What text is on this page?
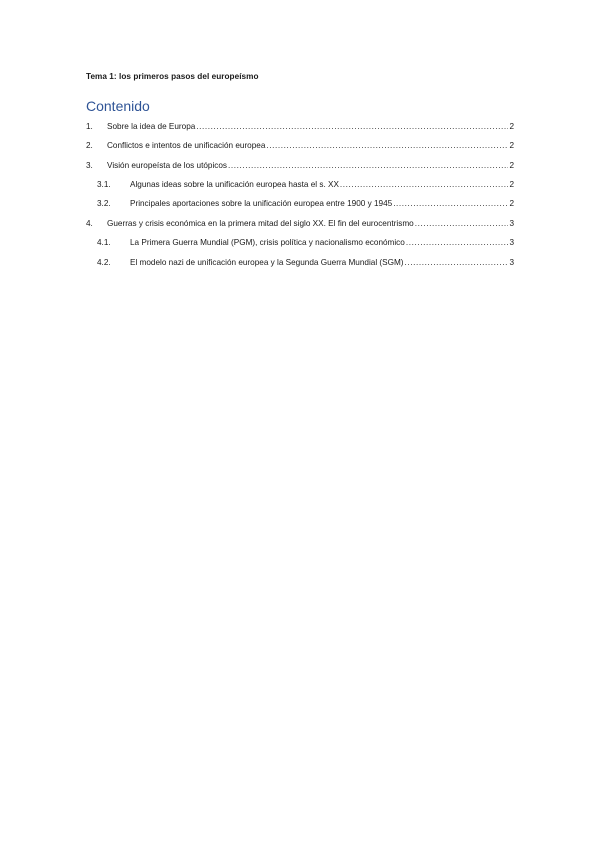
Tema 1: los primeros pasos del europeísmo
Contenido
1.	Sobre la idea de Europa .....	2
2.	Conflictos e intentos de unificación europea .....	2
3.	Visión europeísta de los utópicos .....	2
3.1.	Algunas ideas sobre la unificación europea hasta el s. XX .....	2
3.2.	Principales aportaciones sobre la unificación europea entre 1900 y 1945 .....	2
4.	Guerras y crisis económica en la primera mitad del siglo XX. El fin del eurocentrismo .....	3
4.1.	La Primera Guerra Mundial (PGM), crisis política y nacionalismo económico .....	3
4.2.	El modelo nazi de unificación europea y la Segunda Guerra Mundial (SGM) .....	3
